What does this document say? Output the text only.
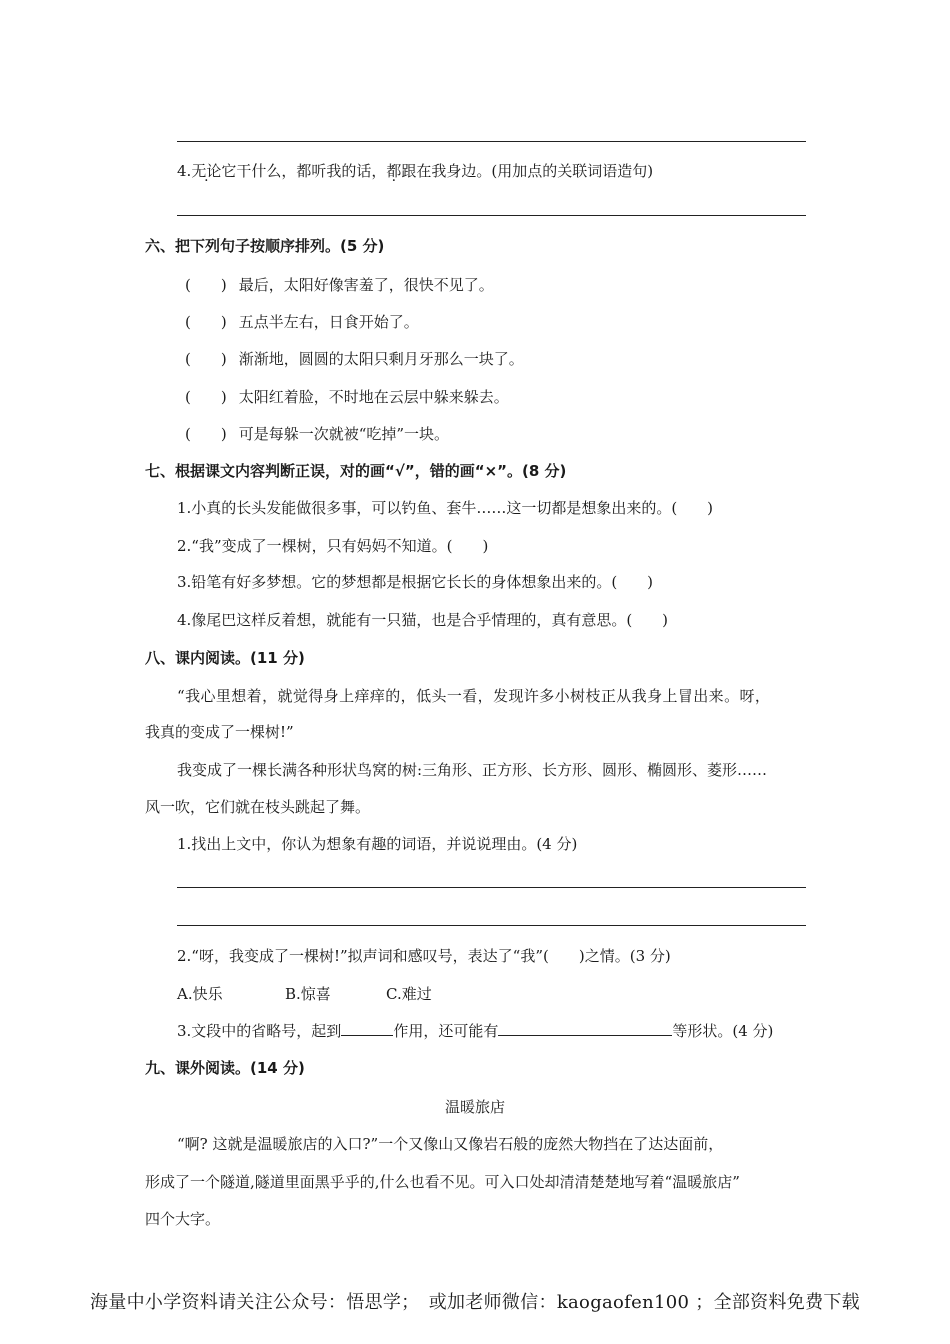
4.无论它干什么，都听我的话，都跟在我身边。(用加点的关联词语造句)
六、把下列句子按顺序排列。(5 分)
(　　) 最后，太阳好像害羞了，很快不见了。
(　　) 五点半左右，日食开始了。
(　　) 渐渐地，圆圆的太阳只剩月牙那么一块了。
(　　) 太阳红着脸，不时地在云层中躲来躲去。
(　　) 可是每躲一次就被“吃掉”一块。
七、根据课文内容判断正误，对的画“√”，错的画“×”。(8 分)
1.小真的长头发能做很多事，可以钓鱼、套牛……这一切都是想象出来的。(　　)
2.“我”变成了一棵树，只有妈妈不知道。(　　)
3.铅笔有好多梦想。它的梦想都是根据它长长的身体想象出来的。(　　)
4.像尾巴这样反着想，就能有一只猫，也是合乎情理的，真有意思。(　　)
八、课内阅读。(11 分)
“我心里想着，就觉得身上痒痒的，低头一看，发现许多小树枝正从我身上冒出来。呀，
我真的变成了一棵树!”
我变成了一棵长满各种形状鸟窝的树:三角形、正方形、长方形、圆形、椭圆形、菱形……
风一吹，它们就在枝头跳起了舞。
1.找出上文中，你认为想象有趣的词语，并说说理由。(4 分)
2.“呀，我变成了一棵树!”拟声词和感叹号，表达了“我”(　　)之情。(3 分)
A.快乐	B.惊喜	C.难过
3.文段中的省略号，起到	作用，还可能有	等形状。(4 分)
九、课外阅读。(14 分)
温暖旅店
“啊? 这就是温暖旅店的入口?”一个又像山又像岩石般的庞然大物挡在了达达面前，
形成了一个隧道,隧道里面黑乎乎的,什么也看不见。可入口处却清清楚楚地写着“温暖旅店”
四个大字。
海量中小学资料请关注公众号：悟思学；　或加老师微信：kaogaofen100 ；全部资料免费下载
